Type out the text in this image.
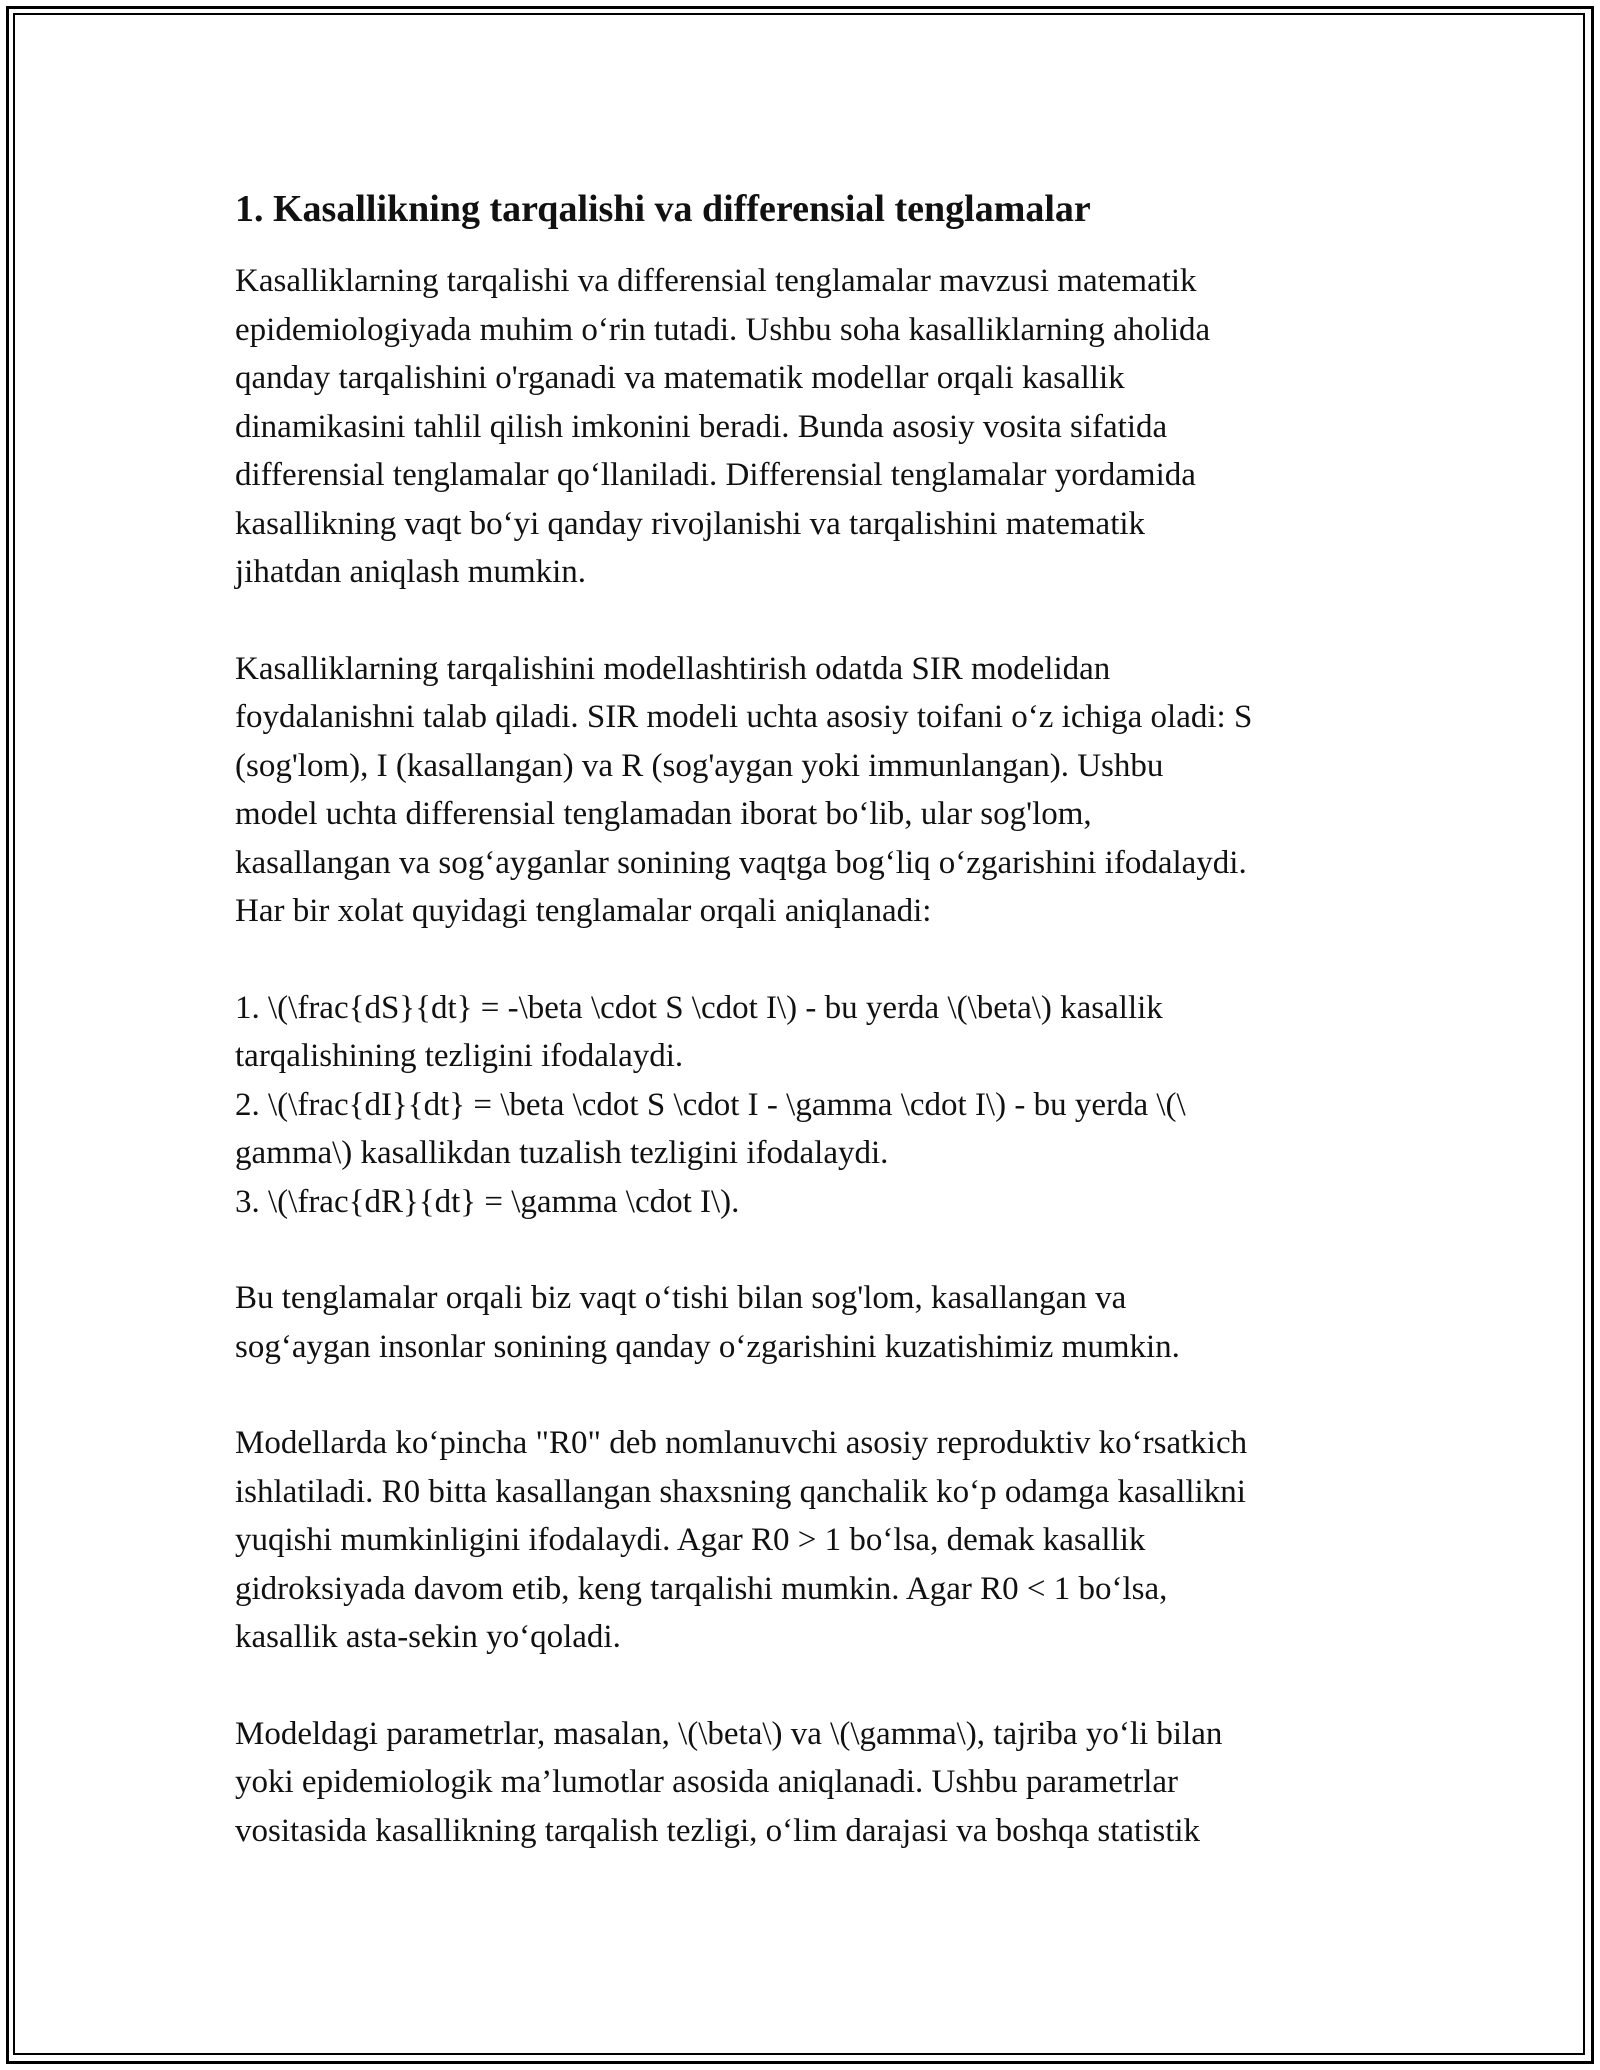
1. Kasallikning tarqalishi va differensial tenglamalar

Kasalliklarning tarqalishi va differensial tenglamalar mavzusi matematik
epidemiologiyada muhim o‘rin tutadi. Ushbu soha kasalliklarning aholida
qanday tarqalishini o'rganadi va matematik modellar orqali kasallik
dinamikasini tahlil qilish imkonini beradi. Bunda asosiy vosita sifatida
differensial tenglamalar qo‘llaniladi. Differensial tenglamalar yordamida
kasallikning vaqt bo‘yi qanday rivojlanishi va tarqalishini matematik
jihatdan aniqlash mumkin.

Kasalliklarning tarqalishini modellashtirish odatda SIR modelidan
foydalanishni talab qiladi. SIR modeli uchta asosiy toifani o‘z ichiga oladi: S
(sog'lom), I (kasallangan) va R (sog'aygan yoki immunlangan). Ushbu
model uchta differensial tenglamadan iborat bo‘lib, ular sog'lom,
kasallangan va sog‘ayganlar sonining vaqtga bog‘liq o‘zgarishini ifodalaydi.
Har bir xolat quyidagi tenglamalar orqali aniqlanadi:

1. \(\frac{dS}{dt} = -\beta \cdot S \cdot I\) - bu yerda \(\beta\) kasallik
tarqalishining tezligini ifodalaydi.
2. \(\frac{dI}{dt} = \beta \cdot S \cdot I - \gamma \cdot I\) - bu yerda \(\
gamma\) kasallikdan tuzalish tezligini ifodalaydi.
3. \(\frac{dR}{dt} = \gamma \cdot I\).

Bu tenglamalar orqali biz vaqt o‘tishi bilan sog'lom, kasallangan va
sog‘aygan insonlar sonining qanday o‘zgarishini kuzatishimiz mumkin.

Modellarda ko‘pincha "R0" deb nomlanuvchi asosiy reproduktiv ko‘rsatkich
ishlatiladi. R0 bitta kasallangan shaxsning qanchalik ko‘p odamga kasallikni
yuqishi mumkinligini ifodalaydi. Agar R0 > 1 bo‘lsa, demak kasallik
gidroksiyada davom etib, keng tarqalishi mumkin. Agar R0 < 1 bo‘lsa,
kasallik asta-sekin yo‘qoladi.

Modeldagi parametrlar, masalan, \(\beta\) va \(\gamma\), tajriba yo‘li bilan
yoki epidemiologik ma’lumotlar asosida aniqlanadi. Ushbu parametrlar
vositasida kasallikning tarqalish tezligi, o‘lim darajasi va boshqa statistik
